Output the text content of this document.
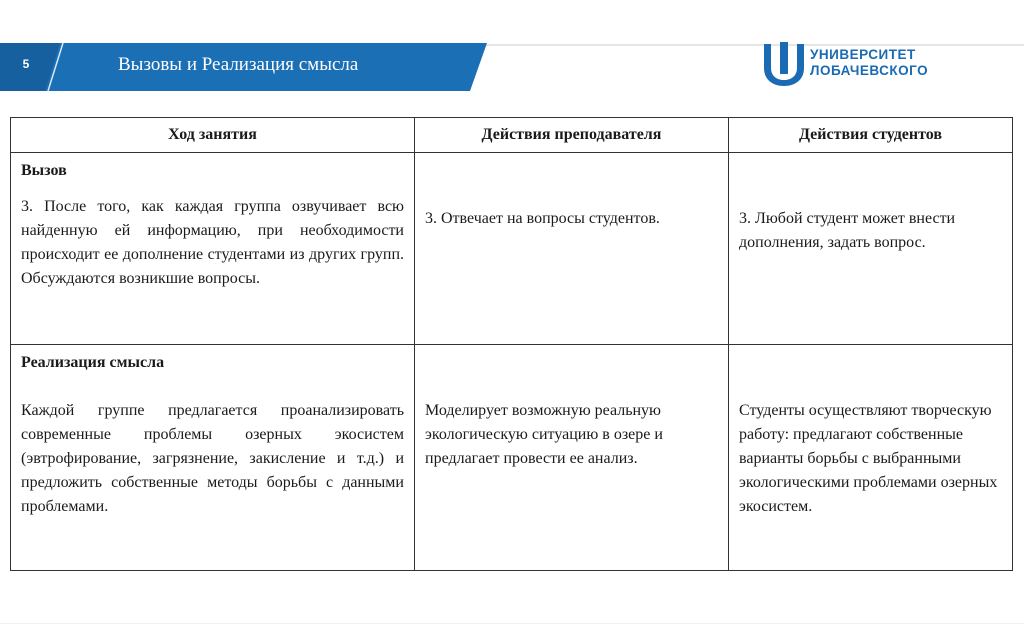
5	Вызовы и Реализация смысла	УНИВЕРСИТЕТ
ЛОБАЧЕВСКОГО
Ход занятия	Действия преподавателя	Действия студентов

Вызов
3. После того, как каждая группа озвучивает всю найденную ей информацию, при необходимости происходит ее дополнение студентами из других групп. Обсуждаются возникшие вопросы.	3. Отвечает на вопросы студентов.	3. Любой студент может внести дополнения, задать вопрос.

Реализация смысла
Каждой группе предлагается проанализировать современные проблемы озерных экосистем (эвтрофирование, загрязнение, закисление и т.д.) и предложить собственные методы борьбы с данными проблемами.	Моделирует возможную реальную экологическую ситуацию в озере и предлагает провести ее анализ.	Студенты осуществляют творческую работу: предлагают собственные варианты борьбы с выбранными экологическими проблемами озерных экосистем.
